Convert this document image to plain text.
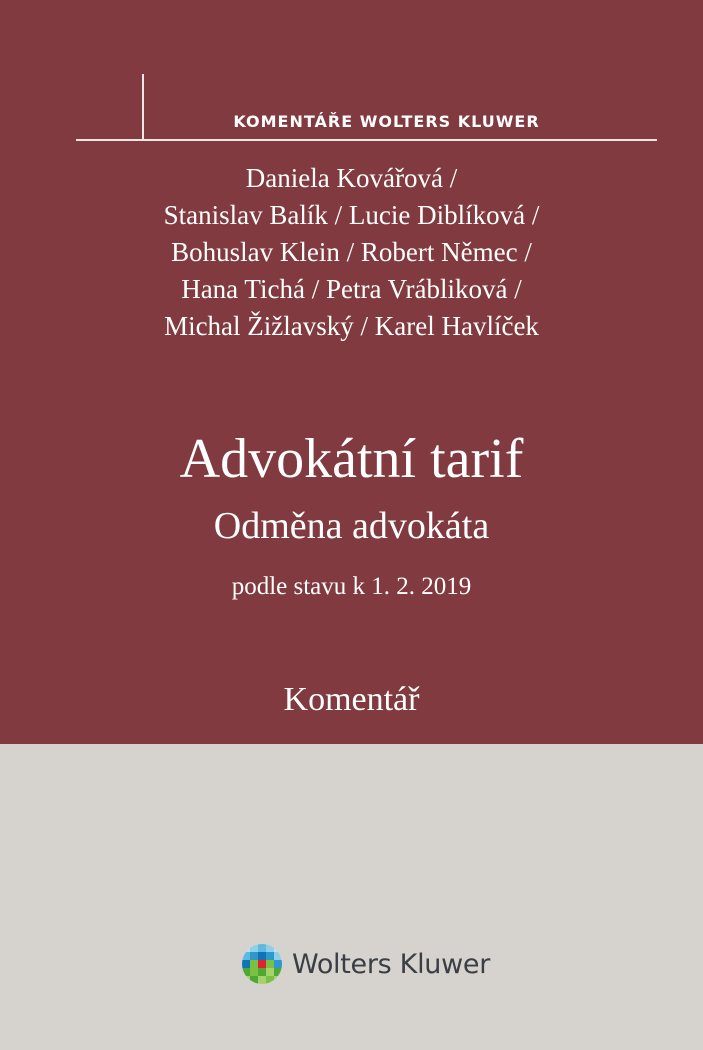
KOMENTÁŘE WOLTERS KLUWER
Daniela Kovářová /
Stanislav Balík / Lucie Diblíková /
Bohuslav Klein / Robert Němec /
Hana Tichá / Petra Vrábliková /
Michal Žižlavský / Karel Havlíček
Advokátní tarif
Odměna advokáta
podle stavu k 1. 2. 2019
Komentář
Wolters Kluwer
